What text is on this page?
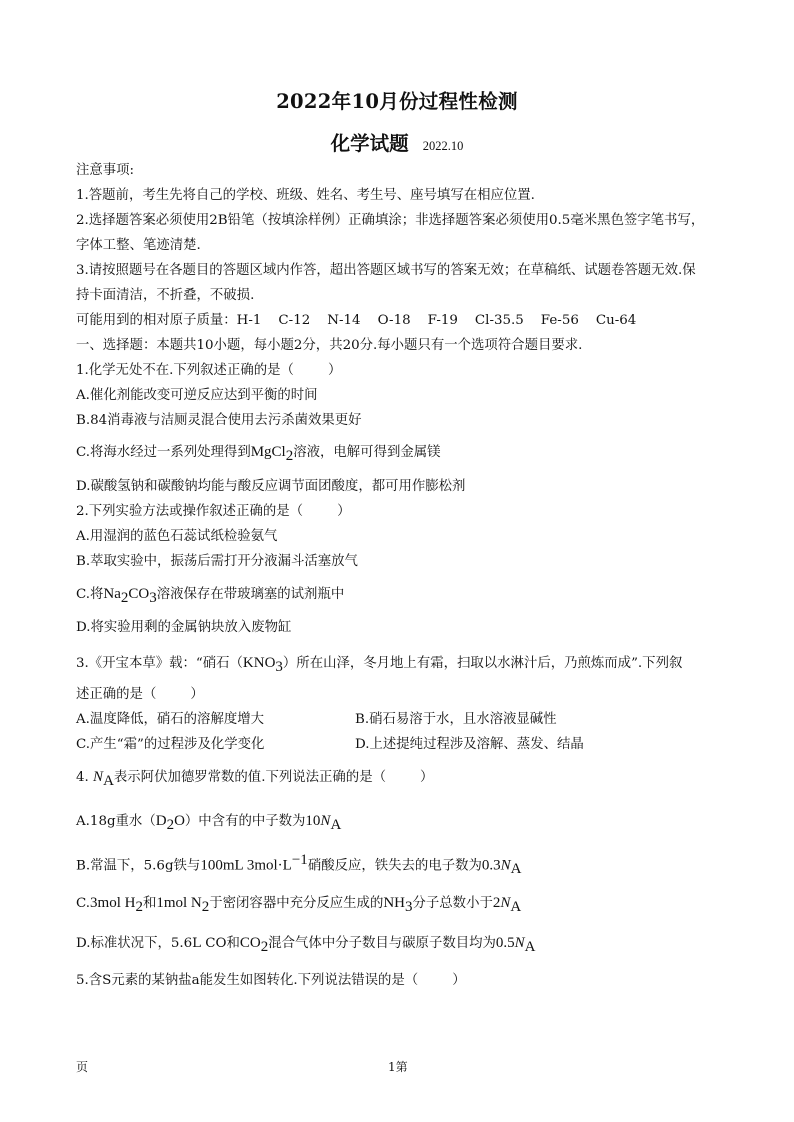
2022年10月份过程性检测
化学试题 2022.10
注意事项:
1.答题前，考生先将自己的学校、班级、姓名、考生号、座号填写在相应位置.
2.选择题答案必须使用2B铅笔（按填涂样例）正确填涂；非选择题答案必须使用0.5毫米黑色签字笔书写，
字体工整、笔迹清楚.
3.请按照题号在各题目的答题区域内作答，超出答题区域书写的答案无效；在草稿纸、试题卷答题无效.保
持卡面清洁，不折叠，不破损.
可能用到的相对原子质量：H-1    C-12    N-14    O-18    F-19    Cl-35.5    Fe-56    Cu-64
一、选择题：本题共10小题，每小题2分，共20分.每小题只有一个选项符合题目要求.
1.化学无处不在.下列叙述正确的是（        ）
A.催化剂能改变可逆反应达到平衡的时间
B.84消毒液与洁厕灵混合使用去污杀菌效果更好
C.将海水经过一系列处理得到MgCl$_2$溶液，电解可得到金属镁
D.碳酸氢钠和碳酸钠均能与酸反应调节面团酸度，都可用作膨松剂
2.下列实验方法或操作叙述正确的是（        ）
A.用湿润的蓝色石蕊试纸检验氨气
B.萃取实验中，振荡后需打开分液漏斗活塞放气
C.将$Na_2CO_3$溶液保存在带玻璃塞的试剂瓶中
D.将实验用剩的金属钠块放入废物缸
3.《开宝本草》载：“硝石$(KNO_3)$所在山泽，冬月地上有霜，扫取以水淋汁后，乃煎炼而成”.下列叙
述正确的是（        ）
A.温度降低，硝石的溶解度增大	B.硝石易溶于水，且水溶液显碱性
C.产生“霜”的过程涉及化学变化	D.上述提纯过程涉及溶解、蒸发、结晶
4. $N_A$表示阿伏加德罗常数的值.下列说法正确的是（        ）
A.18g重水$(D_2O)$中含有的中子数为$10N_A$
B.常温下，5.6g铁与100mL $3mol\cdot L^{-1}$硝酸反应，铁失去的电子数为$0.3N_A$
C.3mol $H_2$和1mol $N_2$于密闭容器中充分反应生成的$NH_3$分子总数小于$2N_A$
D.标准状况下，5.6L CO和$CO_2$混合气体中分子数目与碳原子数目均为$0.5N_A$
5.含S元素的某钠盐a能发生如图转化.下列说法错误的是（        ）
页	1第
